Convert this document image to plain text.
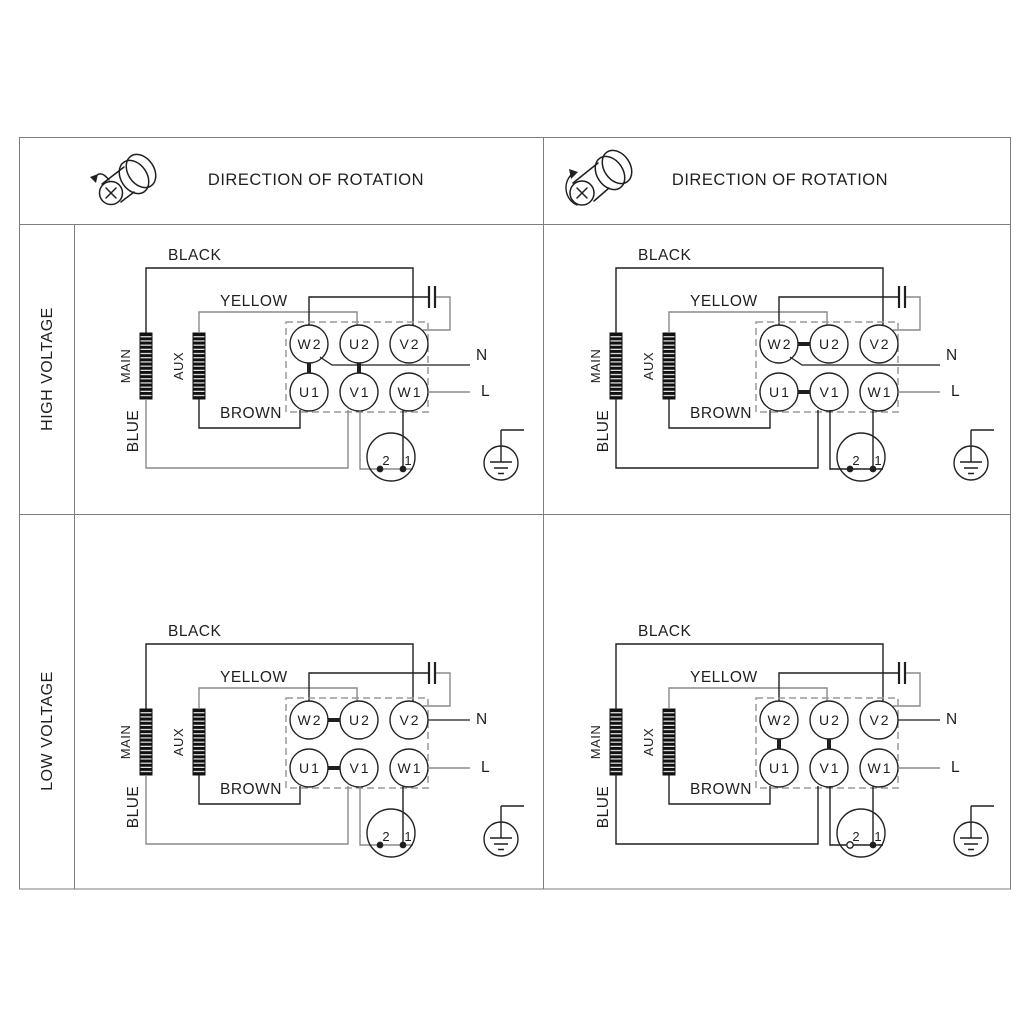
DIRECTION OF ROTATION	DIRECTION OF ROTATION
HIGH VOLTAGE
LOW VOLTAGE
MAIN	AUX
BLACK
YELLOW
W2 U2 V2
U1 V1 W1
N
L
BROWN
BLUE
2 1
MAIN	AUX
BLACK
YELLOW
W2 U2 V2
U1 V1 W1
N
L
BROWN
BLUE
2 1
MAIN	AUX
BLACK
YELLOW
W2 U2 V2
U1 V1 W1
N
L
BROWN
BLUE
2 1
MAIN	AUX
BLACK
YELLOW
W2 U2 V2
U1 V1 W1
N
L
BROWN
BLUE
2 1
